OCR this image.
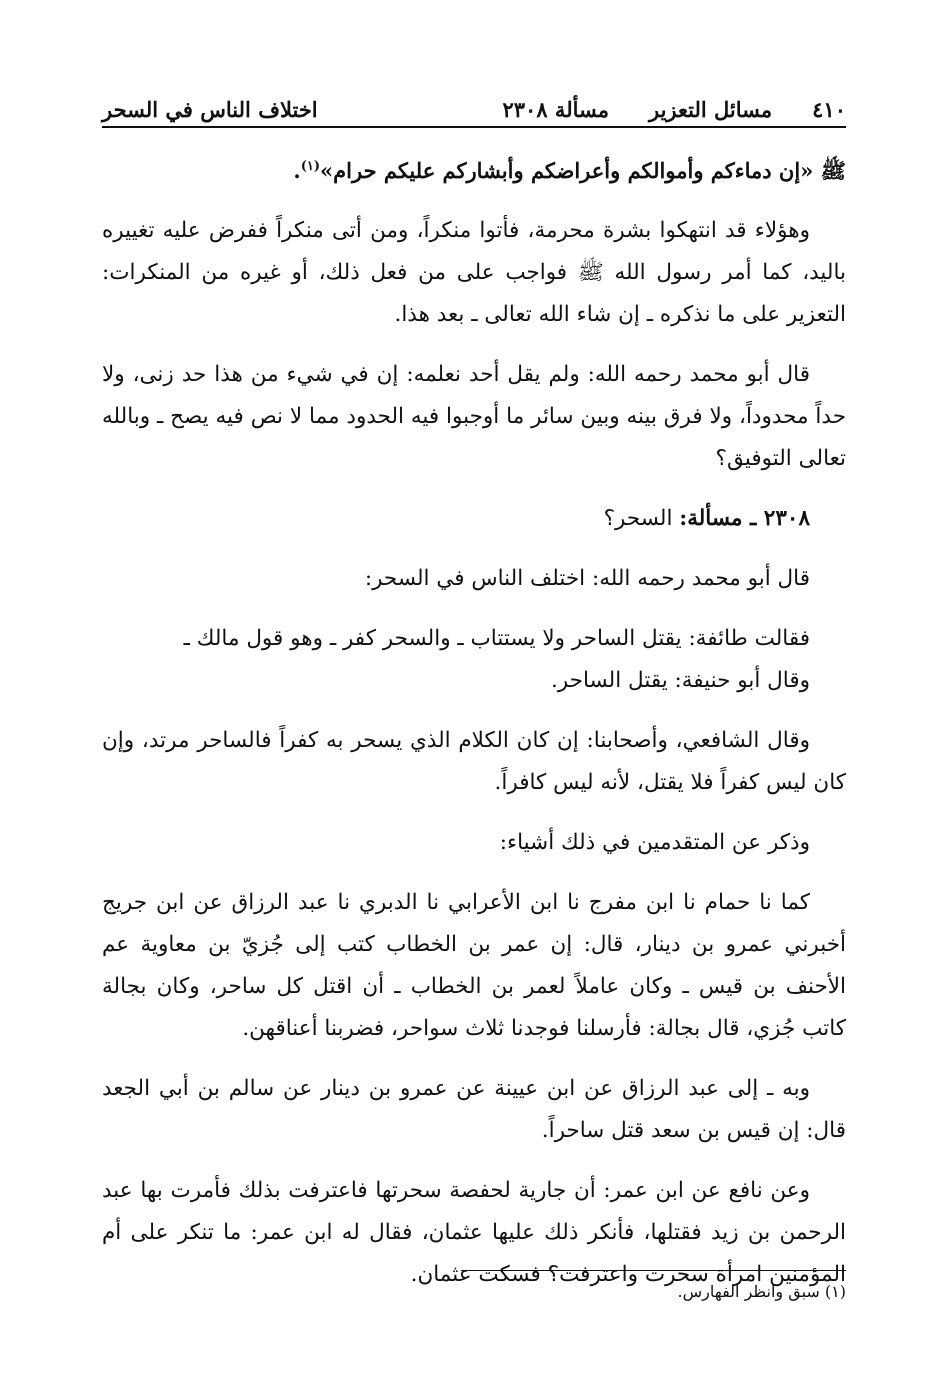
٤١٠
مسائل التعزير
مسألة ٢٣٠٨
اختلاف الناس في السحر

ﷺ «إن دماءكم وأموالكم وأعراضكم وأبشاركم عليكم حرام»$^{(١)}$.

وهؤلاء قد انتهكوا بشرة محرمة، فأتوا منكراً، ومن أتى منكراً ففرض عليه تغييره باليد، كما أمر رسول الله ﷺ فواجب على من فعل ذلك، أو غيره من المنكرات: التعزير على ما نذكره ـ إن شاء الله تعالى ـ بعد هذا.

قال أبو محمد رحمه الله: ولم يقل أحد نعلمه: إن في شيء من هذا حد زنى، ولا حداً محدوداً، ولا فرق بينه وبين سائر ما أوجبوا فيه الحدود مما لا نص فيه يصح ـ وبالله تعالى التوفيق؟

٢٣٠٨ ـ مسألة: السحر؟

قال أبو محمد رحمه الله: اختلف الناس في السحر:

فقالت طائفة: يقتل الساحر ولا يستتاب ـ والسحر كفر ـ وهو قول مالك ـ

وقال أبو حنيفة: يقتل الساحر.

وقال الشافعي، وأصحابنا: إن كان الكلام الذي يسحر به كفراً فالساحر مرتد، وإن كان ليس كفراً فلا يقتل، لأنه ليس كافراً.

وذكر عن المتقدمين في ذلك أشياء:

كما نا حمام نا ابن مفرج نا ابن الأعرابي نا الدبري نا عبد الرزاق عن ابن جريج أخبرني عمرو بن دينار، قال: إن عمر بن الخطاب كتب إلى جُزيّ بن معاوية عم الأحنف بن قيس ـ وكان عاملاً لعمر بن الخطاب ـ أن اقتل كل ساحر، وكان بجالة كاتب جُزي، قال بجالة: فأرسلنا فوجدنا ثلاث سواحر، فضربنا أعناقهن.

وبه ـ إلى عبد الرزاق عن ابن عيينة عن عمرو بن دينار عن سالم بن أبي الجعد قال: إن قيس بن سعد قتل ساحراً.

وعن نافع عن ابن عمر: أن جارية لحفصة سحرتها فاعترفت بذلك فأمرت بها عبد الرحمن بن زيد فقتلها، فأنكر ذلك عليها عثمان، فقال له ابن عمر: ما تنكر على أم المؤمنين امرأة سحرت واعترفت؟ فسكت عثمان.

(١) سبق وانظر الفهارس.
